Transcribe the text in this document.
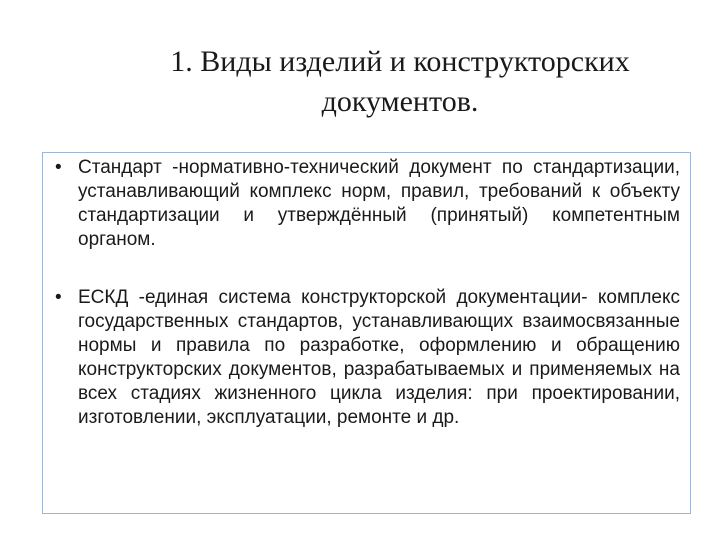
1. Виды изделий и конструкторских
документов.
• Стандарт -нормативно-технический документ по стандартизации, устанавливающий комплекс норм, правил, требований к объекту стандартизации и утверждённый (принятый) компетентным органом.
• ЕСКД -единая система конструкторской документации- комплекс государственных стандартов, устанавливающих взаимосвязанные нормы и правила по разработке, оформлению и обращению конструкторских документов, разрабатываемых и применяемых на всех стадиях жизненного цикла изделия: при проектировании, изготовлении, эксплуатации, ремонте и др.
